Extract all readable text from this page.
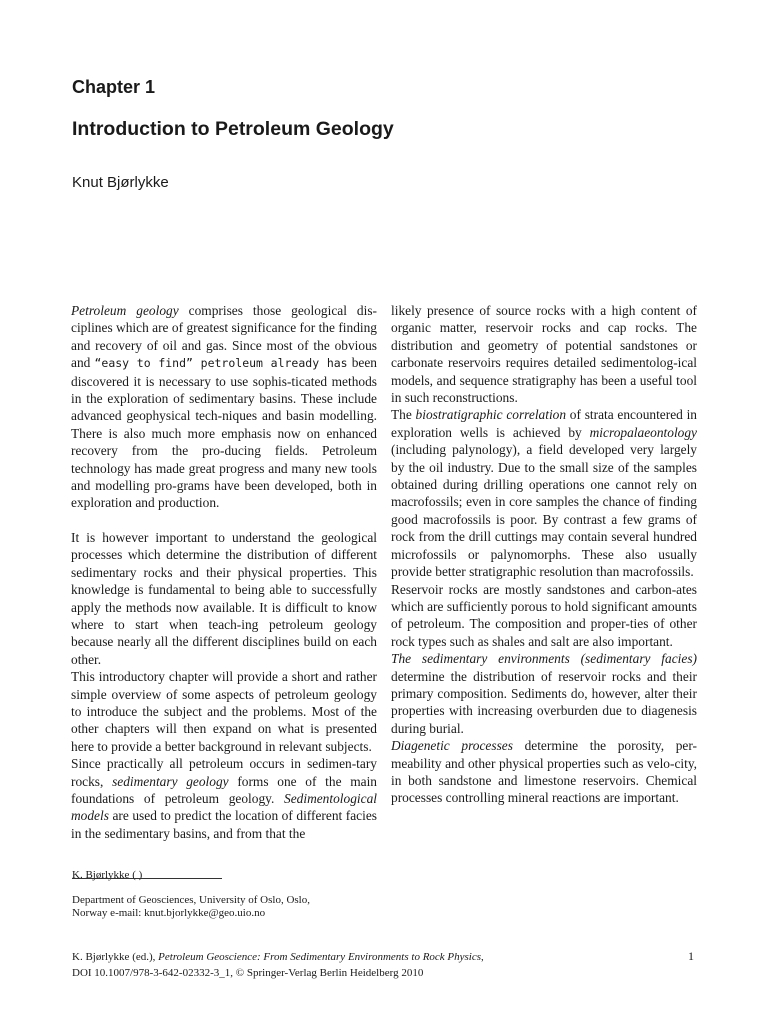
Chapter 1
Introduction to Petroleum Geology
Knut Bjørlykke

Petroleum geology comprises those geological dis-ciplines which are of greatest significance for the finding and recovery of oil and gas. Since most of the obvious and “easy to find” petroleum already has been discovered it is necessary to use sophis-ticated methods in the exploration of sedimentary basins. These include advanced geophysical tech-niques and basin modelling. There is also much more emphasis now on enhanced recovery from the pro-ducing fields. Petroleum technology has made great progress and many new tools and modelling pro-grams have been developed, both in exploration and production.

It is however important to understand the geological processes which determine the distribution of different sedimentary rocks and their physical properties. This knowledge is fundamental to being able to successfully apply the methods now available. It is difficult to know where to start when teach-ing petroleum geology because nearly all the different disciplines build on each other.

This introductory chapter will provide a short and rather simple overview of some aspects of petroleum geology to introduce the subject and the problems. Most of the other chapters will then expand on what is presented here to provide a better background in relevant subjects.

Since practically all petroleum occurs in sedimen-tary rocks, sedimentary geology forms one of the main foundations of petroleum geology. Sedimentological models are used to predict the location of different facies in the sedimentary basins, and from that the

likely presence of source rocks with a high content of organic matter, reservoir rocks and cap rocks. The distribution and geometry of potential sandstones or carbonate reservoirs requires detailed sedimentolog-ical models, and sequence stratigraphy has been a useful tool in such reconstructions.

The biostratigraphic correlation of strata encountered in exploration wells is achieved by micropalaeontology (including palynology), a field developed very largely by the oil industry. Due to the small size of the samples obtained during drilling operations one cannot rely on macrofossils; even in core samples the chance of finding good macrofossils is poor. By contrast a few grams of rock from the drill cuttings may contain several hundred microfossils or palynomorphs. These also usually provide better stratigraphic resolution than macrofossils.

Reservoir rocks are mostly sandstones and carbon-ates which are sufficiently porous to hold significant amounts of petroleum. The composition and proper-ties of other rock types such as shales and salt are also important.

The sedimentary environments (sedimentary facies) determine the distribution of reservoir rocks and their primary composition. Sediments do, however, alter their properties with increasing overburden due to diagenesis during burial.

Diagenetic processes determine the porosity, per-meability and other physical properties such as velo-city, in both sandstone and limestone reservoirs. Chemical processes controlling mineral reactions are important.

K. Bjørlykke ( )
Department of Geosciences, University of Oslo, Oslo,
Norway e-mail: knut.bjorlykke@geo.uio.no
K. Bjørlykke (ed.), Petroleum Geoscience: From Sedimentary Environments to Rock Physics,
DOI 10.1007/978-3-642-02332-3_1, © Springer-Verlag Berlin Heidelberg 2010
1
